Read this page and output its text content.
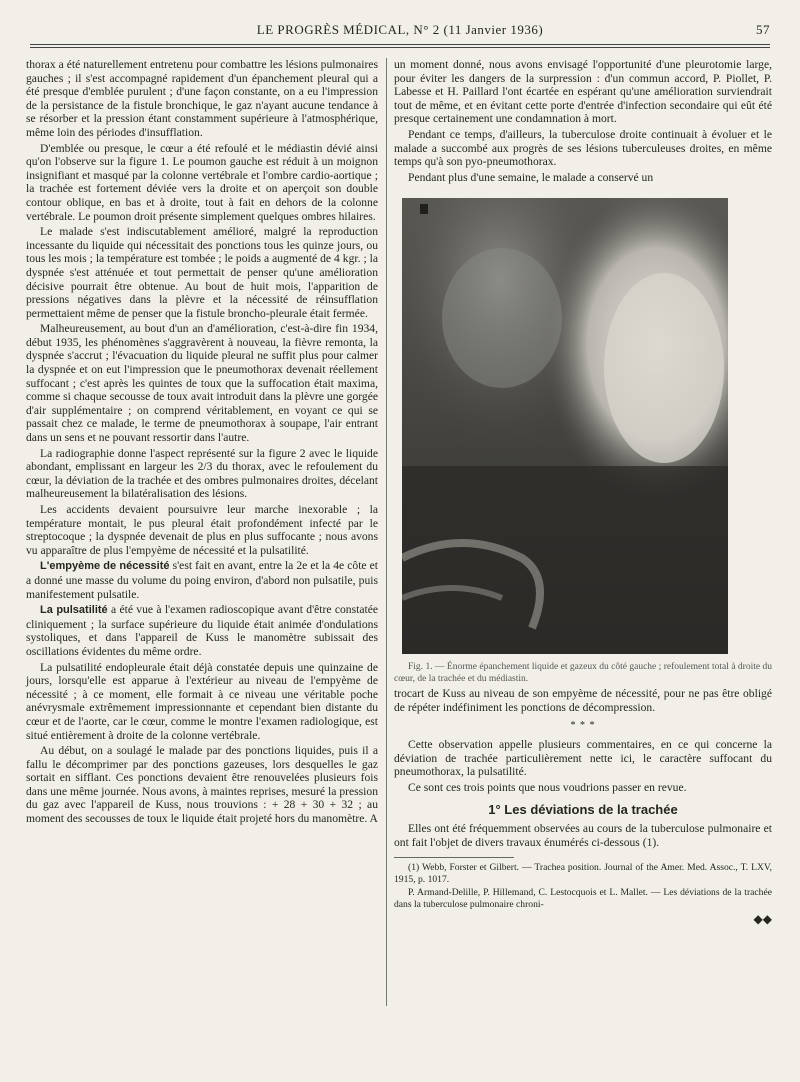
LE PROGRÈS MÉDICAL, N° 2 (11 Janvier 1936)	57

thorax a été naturellement entretenu pour combattre les lésions pulmonaires gauches ; il s'est accompagné rapidement d'un épanchement pleural qui a été presque d'emblée purulent ; d'une façon constante, on a eu l'impression de la persistance de la fistule bronchique, le gaz n'ayant aucune tendance à se résorber et la pression étant constamment supérieure à l'atmosphérique, même loin des périodes d'insufflation.

D'emblée ou presque, le cœur a été refoulé et le médiastin dévié ainsi qu'on l'observe sur la figure 1. Le poumon gauche est réduit à un moignon insignifiant et masqué par la colonne vertébrale et l'ombre cardio-aortique ; la trachée est fortement déviée vers la droite et on aperçoit son double contour oblique, en bas et à droite, tout à fait en dehors de la colonne vertébrale. Le poumon droit présente simplement quelques ombres hilaires.

Le malade s'est indiscutablement amélioré, malgré la reproduction incessante du liquide qui nécessitait des ponctions tous les quinze jours, ou tous les mois ; la température est tombée ; le poids a augmenté de 4 kgr. ; la dyspnée s'est atténuée et tout permettait de penser qu'une amélioration décisive pourrait être obtenue. Au bout de huit mois, l'apparition de pressions négatives dans la plèvre et la nécessité de réinsufflation permettaient même de penser que la fistule broncho-pleurale était fermée.

Malheureusement, au bout d'un an d'amélioration, c'est-à-dire fin 1934, début 1935, les phénomènes s'aggravèrent à nouveau, la fièvre remonta, la dyspnée s'accrut ; l'évacuation du liquide pleural ne suffit plus pour calmer la dyspnée et on eut l'impression que le pneumothorax devenait réellement suffocant ; c'est après les quintes de toux que la suffocation était maxima, comme si chaque secousse de toux avait introduit dans la plèvre une gorgée d'air supplémentaire ; on comprend véritablement, en voyant ce qui se passait chez ce malade, le terme de pneumothorax à soupape, l'air entrant dans un sens et ne pouvant ressortir dans l'autre.

La radiographie donne l'aspect représenté sur la figure 2 avec le liquide abondant, emplissant en largeur les 2/3 du thorax, avec le refoulement du cœur, la déviation de la trachée et des ombres pulmonaires droites, décelant malheureusement la bilatéralisation des lésions.

Les accidents devaient poursuivre leur marche inexorable ; la température montait, le pus pleural était profondément infecté par le streptocoque ; la dyspnée devenait de plus en plus suffocante ; nous avons vu apparaître de plus l'empyème de nécessité et la pulsatilité.

L'empyème de nécessité s'est fait en avant, entre la 2e et la 4e côte et a donné une masse du volume du poing environ, d'abord non pulsatile, puis manifestement pulsatile.

La pulsatilité a été vue à l'examen radioscopique avant d'être constatée cliniquement ; la surface supérieure du liquide était animée d'ondulations systoliques, et dans l'appareil de Kuss le manomètre subissait des oscillations évidentes du même ordre.

La pulsatilité endopleurale était déjà constatée depuis une quinzaine de jours, lorsqu'elle est apparue à l'extérieur au niveau de l'empyème de nécessité ; à ce moment, elle formait à ce niveau une véritable poche anévrysmale extrêmement impressionnante et cependant bien distante du cœur et de l'aorte, car le cœur, comme le montre l'examen radiologique, est situé entièrement à droite de la colonne vertébrale.

Au début, on a soulagé le malade par des ponctions liquides, puis il a fallu le décomprimer par des ponctions gazeuses, lors desquelles le gaz sortait en sifflant. Ces ponctions devaient être renouvelées plusieurs fois dans une même journée. Nous avons, à maintes reprises, mesuré la pression du gaz avec l'appareil de Kuss, nous trouvions : + 28 + 30 + 32 ; au moment des secousses de toux le liquide était projeté hors du manomètre. A

un moment donné, nous avons envisagé l'opportunité d'une pleurotomie large, pour éviter les dangers de la surpression : d'un commun accord, P. Piollet, P. Labesse et H. Paillard l'ont écartée en espérant qu'une amélioration surviendrait tout de même, et en évitant cette porte d'entrée d'infection secondaire qui eût été presque certainement une condamnation à mort.

Pendant ce temps, d'ailleurs, la tuberculose droite continuait à évoluer et le malade a succombé aux progrès de ses lésions tuberculeuses droites, en même temps qu'à son pyo-pneumothorax.

Pendant plus d'une semaine, le malade a conservé un

Fig. 1. — Énorme épanchement liquide et gazeux du côté gauche ; refoulement total à droite du cœur, de la trachée et du médiastin.

trocart de Kuss au niveau de son empyème de nécessité, pour ne pas être obligé de répéter indéfiniment les ponctions de décompression.

* * *

Cette observation appelle plusieurs commentaires, en ce qui concerne la déviation de trachée particulièrement nette ici, le caractère suffocant du pneumothorax, la pulsatilité.

Ce sont ces trois points que nous voudrions passer en revue.

1° Les déviations de la trachée

Elles ont été fréquemment observées au cours de la tuberculose pulmonaire et ont fait l'objet de divers travaux énumérés ci-dessous (1).

(1) Webb, Forster et Gilbert. — Trachea position. Journal of the Amer. Med. Assoc., T. LXV, 1915, p. 1017.

P. Armand-Delille, P. Hillemand, C. Lestocquois et L. Mallet. — Les déviations de la trachée dans la tuberculose pulmonaire chroni-

◆◆
